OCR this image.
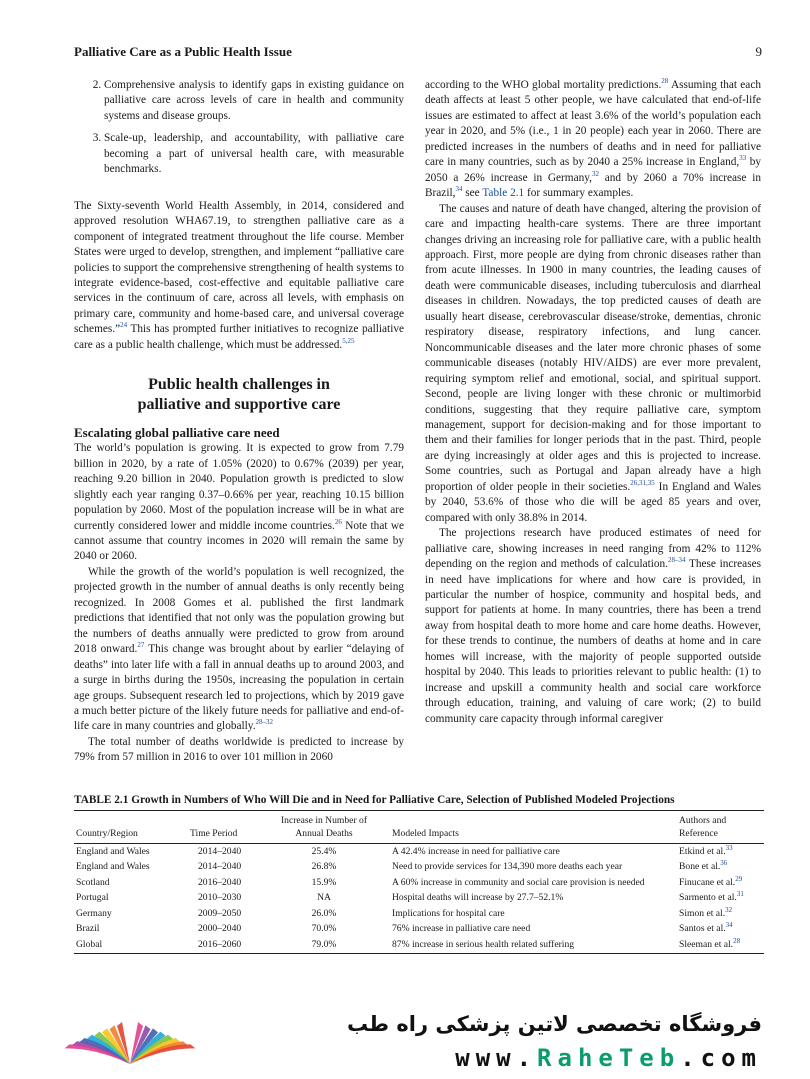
Palliative Care as a Public Health Issue	9
2. Comprehensive analysis to identify gaps in existing guidance on palliative care across levels of care in health and community systems and disease groups.
3. Scale-up, leadership, and accountability, with palliative care becoming a part of universal health care, with measurable benchmarks.

The Sixty-seventh World Health Assembly, in 2014, considered and approved resolution WHA67.19, to strengthen palliative care as a component of integrated treatment throughout the life course. Member States were urged to develop, strengthen, and implement “palliative care policies to support the comprehensive strengthening of health systems to integrate evidence-based, cost-effective and equitable palliative care services in the continuum of care, across all levels, with emphasis on primary care, community and home-based care, and universal coverage schemes.”$^{24}$ This has prompted further initiatives to recognize palliative care as a public health challenge, which must be addressed.$^{5,25}$

Public health challenges in
palliative and supportive care
Escalating global palliative care need

The world’s population is growing. It is expected to grow from 7.79 billion in 2020, by a rate of 1.05% (2020) to 0.67% (2039) per year, reaching 9.20 billion in 2040. Population growth is predicted to slow slightly each year ranging 0.37–0.66% per year, reaching 10.15 billion population by 2060. Most of the population increase will be in what are currently considered lower and middle income countries.$^{26}$ Note that we cannot assume that country incomes in 2020 will remain the same by 2040 or 2060.

While the growth of the world’s population is well recognized, the projected growth in the number of annual deaths is only recently being recognized. In 2008 Gomes et al. published the first landmark predictions that identified that not only was the population growing but the numbers of deaths annually were predicted to grow from around 2018 onward.$^{27}$ This change was brought about by earlier “delaying of deaths” into later life with a fall in annual deaths up to around 2003, and a surge in births during the 1950s, increasing the population in certain age groups. Subsequent research led to projections, which by 2019 gave a much better picture of the likely future needs for palliative and end-of-life care in many countries and globally.$^{28-32}$

The total number of deaths worldwide is predicted to increase by 79% from 57 million in 2016 to over 101 million in 2060

according to the WHO global mortality predictions.$^{28}$ Assuming that each death affects at least 5 other people, we have calculated that end-of-life issues are estimated to affect at least 3.6% of the world’s population each year in 2020, and 5% (i.e., 1 in 20 people) each year in 2060. There are predicted increases in the numbers of deaths and in need for palliative care in many countries, such as by 2040 a 25% increase in England,$^{33}$ by 2050 a 26% increase in Germany,$^{32}$ and by 2060 a 70% increase in Brazil,$^{34}$ see Table 2.1 for summary examples.

The causes and nature of death have changed, altering the provision of care and impacting health-care systems. There are three important changes driving an increasing role for palliative care, with a public health approach. First, more people are dying from chronic diseases rather than from acute illnesses. In 1900 in many countries, the leading causes of death were communicable diseases, including tuberculosis and diarrheal diseases in children. Nowadays, the top predicted causes of death are usually heart disease, cerebrovascular disease/stroke, dementias, chronic respiratory disease, respiratory infections, and lung cancer. Noncommunicable diseases and the later more chronic phases of some communicable diseases (notably HIV/AIDS) are ever more prevalent, requiring symptom relief and emotional, social, and spiritual support. Second, people are living longer with these chronic or multimorbid conditions, suggesting that they require palliative care, symptom management, support for decision-making and for those important to them and their families for longer periods that in the past. Third, people are dying increasingly at older ages and this is projected to increase. Some countries, such as Portugal and Japan already have a high proportion of older people in their societies.$^{26,31,35}$ In England and Wales by 2040, 53.6% of those who die will be aged 85 years and over, compared with only 38.8% in 2014.

The projections research have produced estimates of need for palliative care, showing increases in need ranging from 42% to 112% depending on the region and methods of calculation.$^{28-34}$ These increases in need have implications for where and how care is provided, in particular the number of hospice, community and hospital beds, and support for patients at home. In many countries, there has been a trend away from hospital death to more home and care home deaths. However, for these trends to continue, the numbers of deaths at home and in care homes will increase, with the majority of people supported outside hospital by 2040. This leads to priorities relevant to public health: (1) to increase and upskill a community health and social care workforce through education, training, and valuing of care work; (2) to build community care capacity through informal caregiver

TABLE 2.1 Growth in Numbers of Who Will Die and in Need for Palliative Care, Selection of Published Modeled Projections
Country/Region	Time Period	Increase in Number of Annual Deaths	Modeled Impacts	Authors and Reference
England and Wales	2014–2040	25.4%	A 42.4% increase in need for palliative care	Etkind et al.$^{33}$
England and Wales	2014–2040	26.8%	Need to provide services for 134,390 more deaths each year	Bone et al.$^{36}$
Scotland	2016–2040	15.9%	A 60% increase in community and social care provision is needed	Finucane et al.$^{29}$
Portugal	2010–2030	NA	Hospital deaths will increase by 27.7–52.1%	Sarmento et al.$^{31}$
Germany	2009–2050	26.0%	Implications for hospital care	Simon et al.$^{32}$
Brazil	2000–2040	70.0%	76% increase in palliative care need	Santos et al.$^{34}$
Global	2016–2060	79.0%	87% increase in serious health related suffering	Sleeman et al.$^{28}$
فروشگاه تخصصی لاتین پزشکی راه طب
www.RaheTeb.com
